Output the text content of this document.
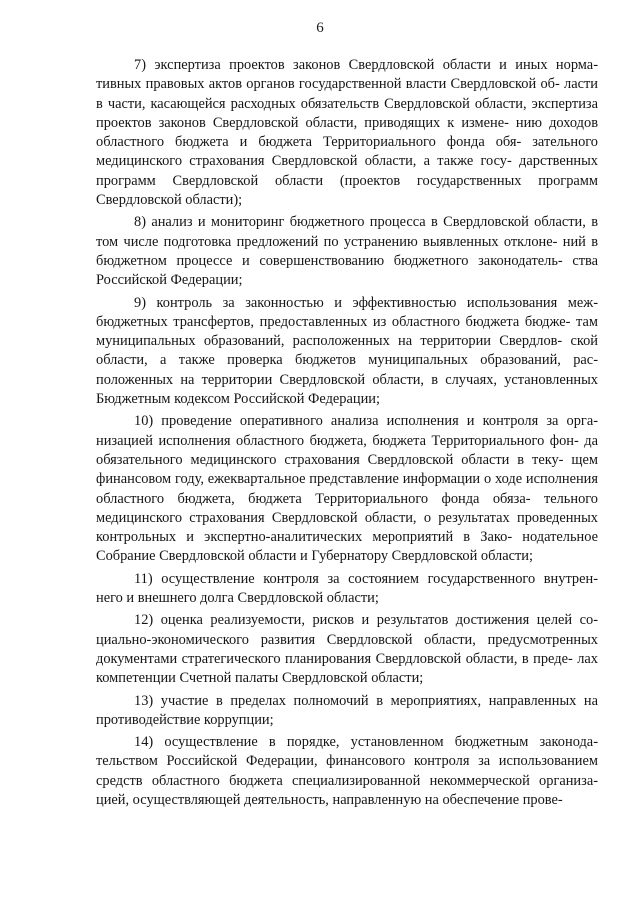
6

7) экспертиза проектов законов Свердловской области и иных норма- тивных правовых актов органов государственной власти Свердловской об- ласти в части, касающейся расходных обязательств Свердловской области, экспертиза проектов законов Свердловской области, приводящих к измене- нию доходов областного бюджета и бюджета Территориального фонда обя- зательного медицинского страхования Свердловской области, а также госу- дарственных программ Свердловской области (проектов государственных программ Свердловской области);

8) анализ и мониторинг бюджетного процесса в Свердловской области, в том числе подготовка предложений по устранению выявленных отклоне- ний в бюджетном процессе и совершенствованию бюджетного законодатель- ства Российской Федерации;

9) контроль за законностью и эффективностью использования меж- бюджетных трансфертов, предоставленных из областного бюджета бюдже- там муниципальных образований, расположенных на территории Свердлов- ской области, а также проверка бюджетов муниципальных образований, рас- положенных на территории Свердловской области, в случаях, установленных Бюджетным кодексом Российской Федерации;

10) проведение оперативного анализа исполнения и контроля за орга- низацией исполнения областного бюджета, бюджета Территориального фон- да обязательного медицинского страхования Свердловской области в теку- щем финансовом году, ежеквартальное представление информации о ходе исполнения областного бюджета, бюджета Территориального фонда обяза- тельного медицинского страхования Свердловской области, о результатах проведенных контрольных и экспертно-аналитических мероприятий в Зако- нодательное Собрание Свердловской области и Губернатору Свердловской области;

11) осуществление контроля за состоянием государственного внутрен- него и внешнего долга Свердловской области;

12) оценка реализуемости, рисков и результатов достижения целей со- циально-экономического развития Свердловской области, предусмотренных документами стратегического планирования Свердловской области, в преде- лах компетенции Счетной палаты Свердловской области;

13) участие в пределах полномочий в мероприятиях, направленных на противодействие коррупции;

14) осуществление в порядке, установленном бюджетным законода- тельством Российской Федерации, финансового контроля за использованием средств областного бюджета специализированной некоммерческой организа- цией, осуществляющей деятельность, направленную на обеспечение прове-
